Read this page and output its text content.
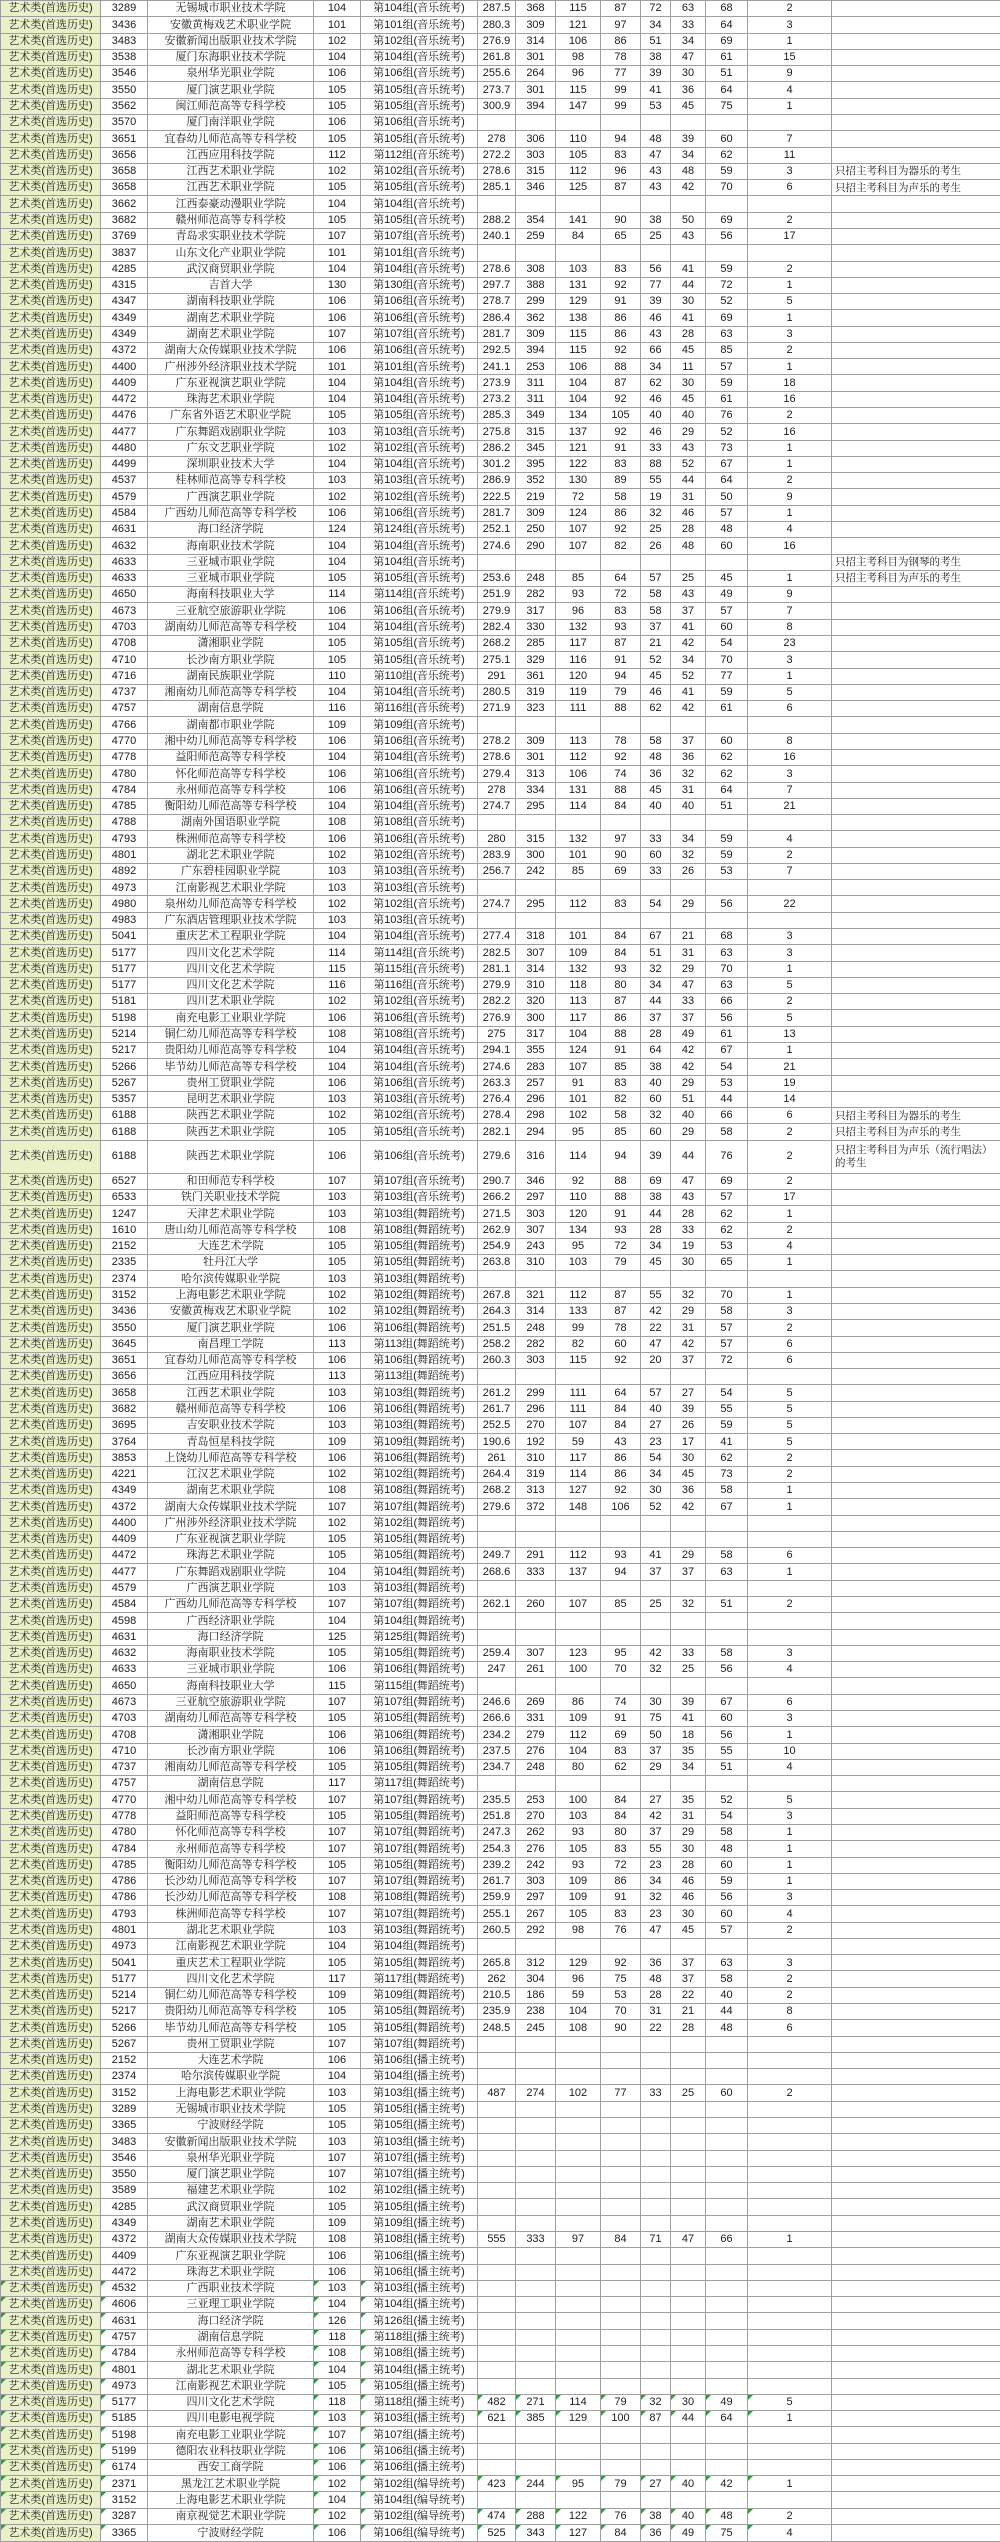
艺术类(首选历史)	3289	无锡城市职业技术学院	104	第104组(音乐统考)	287.5	368	115	87	72	63	68	2	
艺术类(首选历史)	3436	安徽黄梅戏艺术职业学院	101	第101组(音乐统考)	280.3	309	121	97	34	33	64	3	
艺术类(首选历史)	3483	安徽新闻出版职业技术学院	102	第102组(音乐统考)	276.9	314	106	86	51	34	69	1	
艺术类(首选历史)	3538	厦门东海职业技术学院	104	第104组(音乐统考)	261.8	301	98	78	38	47	61	15	
艺术类(首选历史)	3546	泉州华光职业学院	106	第106组(音乐统考)	255.6	264	96	77	39	30	51	9	
艺术类(首选历史)	3550	厦门演艺职业学院	105	第105组(音乐统考)	273.7	301	115	99	41	36	64	4	
艺术类(首选历史)	3562	闽江师范高等专科学校	105	第105组(音乐统考)	300.9	394	147	99	53	45	75	1	
艺术类(首选历史)	3570	厦门南洋职业学院	106	第106组(音乐统考)									
艺术类(首选历史)	3651	宜春幼儿师范高等专科学校	105	第105组(音乐统考)	278	306	110	94	48	39	60	7	
艺术类(首选历史)	3656	江西应用科技学院	112	第112组(音乐统考)	272.2	303	105	83	47	34	62	11	
艺术类(首选历史)	3658	江西艺术职业学院	102	第102组(音乐统考)	278.6	315	112	96	43	48	59	3	只招主考科目为器乐的考生
艺术类(首选历史)	3658	江西艺术职业学院	105	第105组(音乐统考)	285.1	346	125	87	43	42	70	6	只招主考科目为声乐的考生
艺术类(首选历史)	3662	江西泰豪动漫职业学院	104	第104组(音乐统考)									
艺术类(首选历史)	3682	赣州师范高等专科学校	105	第105组(音乐统考)	288.2	354	141	90	38	50	69	2	
艺术类(首选历史)	3769	青岛求实职业技术学院	107	第107组(音乐统考)	240.1	259	84	65	25	43	56	17	
艺术类(首选历史)	3837	山东文化产业职业学院	101	第101组(音乐统考)									
艺术类(首选历史)	4285	武汉商贸职业学院	104	第104组(音乐统考)	278.6	308	103	83	56	41	59	2	
艺术类(首选历史)	4315	吉首大学	130	第130组(音乐统考)	297.7	388	131	92	77	44	72	1	
艺术类(首选历史)	4347	湖南科技职业学院	106	第106组(音乐统考)	278.7	299	129	91	39	30	52	5	
艺术类(首选历史)	4349	湖南艺术职业学院	106	第106组(音乐统考)	286.4	362	138	86	46	41	69	1	
艺术类(首选历史)	4349	湖南艺术职业学院	107	第107组(音乐统考)	281.7	309	115	86	43	28	63	3	
艺术类(首选历史)	4372	湖南大众传媒职业技术学院	106	第106组(音乐统考)	292.5	394	115	92	66	45	85	2	
艺术类(首选历史)	4400	广州涉外经济职业技术学院	101	第101组(音乐统考)	241.1	253	106	88	34	11	57	1	
艺术类(首选历史)	4409	广东亚视演艺职业学院	104	第104组(音乐统考)	273.9	311	104	87	62	30	59	18	
艺术类(首选历史)	4472	珠海艺术职业学院	104	第104组(音乐统考)	273.2	311	104	92	46	45	61	16	
艺术类(首选历史)	4476	广东省外语艺术职业学院	105	第105组(音乐统考)	285.3	349	134	105	40	40	76	2	
艺术类(首选历史)	4477	广东舞蹈戏剧职业学院	103	第103组(音乐统考)	275.8	315	137	92	46	29	52	16	
艺术类(首选历史)	4480	广东文艺职业学院	102	第102组(音乐统考)	286.2	345	121	91	33	43	73	1	
艺术类(首选历史)	4499	深圳职业技术大学	104	第104组(音乐统考)	301.2	395	122	83	88	52	67	1	
艺术类(首选历史)	4537	桂林师范高等专科学校	103	第103组(音乐统考)	286.9	352	130	89	55	44	64	2	
艺术类(首选历史)	4579	广西演艺职业学院	102	第102组(音乐统考)	222.5	219	72	58	19	31	50	9	
艺术类(首选历史)	4584	广西幼儿师范高等专科学校	106	第106组(音乐统考)	281.7	309	124	86	32	46	57	1	
艺术类(首选历史)	4631	海口经济学院	124	第124组(音乐统考)	252.1	250	107	92	25	28	48	4	
艺术类(首选历史)	4632	海南职业技术学院	104	第104组(音乐统考)	274.6	290	107	82	26	48	60	16	
艺术类(首选历史)	4633	三亚城市职业学院	104	第104组(音乐统考)									只招主考科目为钢琴的考生
艺术类(首选历史)	4633	三亚城市职业学院	105	第105组(音乐统考)	253.6	248	85	64	57	25	45	1	只招主考科目为声乐的考生
艺术类(首选历史)	4650	海南科技职业大学	114	第114组(音乐统考)	251.9	282	93	72	58	43	49	9	
艺术类(首选历史)	4673	三亚航空旅游职业学院	106	第106组(音乐统考)	279.9	317	96	83	58	37	57	7	
艺术类(首选历史)	4703	湖南幼儿师范高等专科学校	104	第104组(音乐统考)	282.4	330	132	93	37	41	60	8	
艺术类(首选历史)	4708	潇湘职业学院	105	第105组(音乐统考)	268.2	285	117	87	21	42	54	23	
艺术类(首选历史)	4710	长沙南方职业学院	105	第105组(音乐统考)	275.1	329	116	91	52	34	70	3	
艺术类(首选历史)	4716	湖南民族职业学院	110	第110组(音乐统考)	291	361	120	94	45	52	77	1	
艺术类(首选历史)	4737	湘南幼儿师范高等专科学校	104	第104组(音乐统考)	280.5	319	119	79	46	41	59	5	
艺术类(首选历史)	4757	湖南信息学院	116	第116组(音乐统考)	271.9	323	111	88	62	42	61	6	
艺术类(首选历史)	4766	湖南都市职业学院	109	第109组(音乐统考)									
艺术类(首选历史)	4770	湘中幼儿师范高等专科学校	106	第106组(音乐统考)	278.2	309	113	78	58	37	60	8	
艺术类(首选历史)	4778	益阳师范高等专科学校	104	第104组(音乐统考)	278.6	301	112	92	48	36	62	16	
艺术类(首选历史)	4780	怀化师范高等专科学校	106	第106组(音乐统考)	279.4	313	106	74	36	32	62	3	
艺术类(首选历史)	4784	永州师范高等专科学校	106	第106组(音乐统考)	278	334	131	88	45	31	64	7	
艺术类(首选历史)	4785	衡阳幼儿师范高等专科学校	104	第104组(音乐统考)	274.7	295	114	84	40	40	51	21	
艺术类(首选历史)	4788	湖南外国语职业学院	108	第108组(音乐统考)									
艺术类(首选历史)	4793	株洲师范高等专科学校	106	第106组(音乐统考)	280	315	132	97	33	34	59	4	
艺术类(首选历史)	4801	湖北艺术职业学院	102	第102组(音乐统考)	283.9	300	101	90	60	32	59	2	
艺术类(首选历史)	4892	广东碧桂园职业学院	103	第103组(音乐统考)	256.7	242	85	69	33	26	53	7	
艺术类(首选历史)	4973	江南影视艺术职业学院	103	第103组(音乐统考)									
艺术类(首选历史)	4980	泉州幼儿师范高等专科学校	102	第102组(音乐统考)	274.7	295	112	83	54	29	56	22	
艺术类(首选历史)	4983	广东酒店管理职业技术学院	103	第103组(音乐统考)									
艺术类(首选历史)	5041	重庆艺术工程职业学院	104	第104组(音乐统考)	277.4	318	101	84	67	21	68	3	
艺术类(首选历史)	5177	四川文化艺术学院	114	第114组(音乐统考)	282.5	307	109	84	51	31	63	3	
艺术类(首选历史)	5177	四川文化艺术学院	115	第115组(音乐统考)	281.1	314	132	93	32	29	70	1	
艺术类(首选历史)	5177	四川文化艺术学院	116	第116组(音乐统考)	279.9	310	118	80	34	47	63	5	
艺术类(首选历史)	5181	四川艺术职业学院	102	第102组(音乐统考)	282.2	320	113	87	44	33	66	2	
艺术类(首选历史)	5198	南充电影工业职业学院	106	第106组(音乐统考)	276.9	300	117	86	37	37	56	5	
艺术类(首选历史)	5214	铜仁幼儿师范高等专科学校	108	第108组(音乐统考)	275	317	104	88	28	49	61	13	
艺术类(首选历史)	5217	贵阳幼儿师范高等专科学校	104	第104组(音乐统考)	294.1	355	124	91	64	42	67	1	
艺术类(首选历史)	5266	毕节幼儿师范高等专科学校	104	第104组(音乐统考)	274.6	283	107	85	38	42	54	21	
艺术类(首选历史)	5267	贵州工贸职业学院	106	第106组(音乐统考)	263.3	257	91	83	40	29	53	19	
艺术类(首选历史)	5357	昆明艺术职业学院	103	第103组(音乐统考)	276.4	296	101	82	60	51	44	14	
艺术类(首选历史)	6188	陕西艺术职业学院	102	第102组(音乐统考)	278.4	298	102	58	32	40	66	6	只招主考科目为器乐的考生
艺术类(首选历史)	6188	陕西艺术职业学院	105	第105组(音乐统考)	282.1	294	95	85	60	29	58	2	只招主考科目为声乐的考生
艺术类(首选历史)	6188	陕西艺术职业学院	106	第106组(音乐统考)	279.6	316	114	94	39	44	76	2	只招主考科目为声乐（流行唱法）的考生
艺术类(首选历史)	6527	和田师范专科学校	107	第107组(音乐统考)	290.7	346	92	88	69	47	69	2	
艺术类(首选历史)	6533	铁门关职业技术学院	103	第103组(音乐统考)	266.2	297	110	88	38	43	57	17	
艺术类(首选历史)	1247	天津艺术职业学院	103	第103组(舞蹈统考)	271.5	303	120	91	44	28	62	1	
艺术类(首选历史)	1610	唐山幼儿师范高等专科学校	108	第108组(舞蹈统考)	262.9	307	134	93	28	33	62	2	
艺术类(首选历史)	2152	大连艺术学院	105	第105组(舞蹈统考)	254.9	243	95	72	34	19	53	4	
艺术类(首选历史)	2335	牡丹江大学	105	第105组(舞蹈统考)	263.8	310	103	79	45	30	65	1	
艺术类(首选历史)	2374	哈尔滨传媒职业学院	103	第103组(舞蹈统考)									
艺术类(首选历史)	3152	上海电影艺术职业学院	102	第102组(舞蹈统考)	267.8	321	112	87	55	32	70	1	
艺术类(首选历史)	3436	安徽黄梅戏艺术职业学院	102	第102组(舞蹈统考)	264.3	314	133	87	42	29	58	3	
艺术类(首选历史)	3550	厦门演艺职业学院	106	第106组(舞蹈统考)	251.5	248	99	78	22	31	57	2	
艺术类(首选历史)	3645	南昌理工学院	113	第113组(舞蹈统考)	258.2	282	82	60	47	42	57	6	
艺术类(首选历史)	3651	宜春幼儿师范高等专科学校	106	第106组(舞蹈统考)	260.3	303	115	92	20	37	72	6	
艺术类(首选历史)	3656	江西应用科技学院	113	第113组(舞蹈统考)									
艺术类(首选历史)	3658	江西艺术职业学院	103	第103组(舞蹈统考)	261.2	299	111	64	57	27	54	5	
艺术类(首选历史)	3682	赣州师范高等专科学校	106	第106组(舞蹈统考)	261.7	296	111	84	40	39	55	5	
艺术类(首选历史)	3695	吉安职业技术学院	103	第103组(舞蹈统考)	252.5	270	107	84	27	26	59	5	
艺术类(首选历史)	3764	青岛恒星科技学院	109	第109组(舞蹈统考)	190.6	192	59	43	23	17	41	5	
艺术类(首选历史)	3853	上饶幼儿师范高等专科学校	106	第106组(舞蹈统考)	261	310	117	86	54	30	62	2	
艺术类(首选历史)	4221	江汉艺术职业学院	102	第102组(舞蹈统考)	264.4	319	114	86	34	45	73	2	
艺术类(首选历史)	4349	湖南艺术职业学院	108	第108组(舞蹈统考)	268.2	313	127	92	30	36	58	1	
艺术类(首选历史)	4372	湖南大众传媒职业技术学院	107	第107组(舞蹈统考)	279.6	372	148	106	52	42	67	1	
艺术类(首选历史)	4400	广州涉外经济职业技术学院	102	第102组(舞蹈统考)									
艺术类(首选历史)	4409	广东亚视演艺职业学院	105	第105组(舞蹈统考)									
艺术类(首选历史)	4472	珠海艺术职业学院	105	第105组(舞蹈统考)	249.7	291	112	93	41	29	58	6	
艺术类(首选历史)	4477	广东舞蹈戏剧职业学院	104	第104组(舞蹈统考)	268.6	333	137	94	37	37	63	1	
艺术类(首选历史)	4579	广西演艺职业学院	103	第103组(舞蹈统考)									
艺术类(首选历史)	4584	广西幼儿师范高等专科学校	107	第107组(舞蹈统考)	262.1	260	107	85	25	32	51	2	
艺术类(首选历史)	4598	广西经济职业学院	104	第104组(舞蹈统考)									
艺术类(首选历史)	4631	海口经济学院	125	第125组(舞蹈统考)									
艺术类(首选历史)	4632	海南职业技术学院	105	第105组(舞蹈统考)	259.4	307	123	95	42	33	58	3	
艺术类(首选历史)	4633	三亚城市职业学院	106	第106组(舞蹈统考)	247	261	100	70	32	25	56	4	
艺术类(首选历史)	4650	海南科技职业大学	115	第115组(舞蹈统考)									
艺术类(首选历史)	4673	三亚航空旅游职业学院	107	第107组(舞蹈统考)	246.6	269	86	74	30	39	67	6	
艺术类(首选历史)	4703	湖南幼儿师范高等专科学校	105	第105组(舞蹈统考)	266.6	331	109	91	75	41	60	3	
艺术类(首选历史)	4708	潇湘职业学院	106	第106组(舞蹈统考)	234.2	279	112	69	50	18	56	1	
艺术类(首选历史)	4710	长沙南方职业学院	106	第106组(舞蹈统考)	237.5	276	104	83	37	35	55	10	
艺术类(首选历史)	4737	湘南幼儿师范高等专科学校	105	第105组(舞蹈统考)	234.7	248	80	62	29	34	51	4	
艺术类(首选历史)	4757	湖南信息学院	117	第117组(舞蹈统考)									
艺术类(首选历史)	4770	湘中幼儿师范高等专科学校	107	第107组(舞蹈统考)	235.5	253	100	84	27	35	52	5	
艺术类(首选历史)	4778	益阳师范高等专科学校	105	第105组(舞蹈统考)	251.8	270	103	84	42	31	54	3	
艺术类(首选历史)	4780	怀化师范高等专科学校	107	第107组(舞蹈统考)	247.3	262	93	80	37	29	58	1	
艺术类(首选历史)	4784	永州师范高等专科学校	107	第107组(舞蹈统考)	254.3	276	105	83	55	30	48	1	
艺术类(首选历史)	4785	衡阳幼儿师范高等专科学校	105	第105组(舞蹈统考)	239.2	242	93	72	23	28	60	1	
艺术类(首选历史)	4786	长沙幼儿师范高等专科学校	107	第107组(舞蹈统考)	261.7	303	109	86	34	46	59	1	
艺术类(首选历史)	4786	长沙幼儿师范高等专科学校	108	第108组(舞蹈统考)	259.9	297	109	91	32	46	56	3	
艺术类(首选历史)	4793	株洲师范高等专科学校	107	第107组(舞蹈统考)	255.1	267	105	83	23	30	60	4	
艺术类(首选历史)	4801	湖北艺术职业学院	103	第103组(舞蹈统考)	260.5	292	98	76	47	45	57	2	
艺术类(首选历史)	4973	江南影视艺术职业学院	104	第104组(舞蹈统考)									
艺术类(首选历史)	5041	重庆艺术工程职业学院	105	第105组(舞蹈统考)	265.8	312	129	92	36	37	63	3	
艺术类(首选历史)	5177	四川文化艺术学院	117	第117组(舞蹈统考)	262	304	96	75	48	37	58	2	
艺术类(首选历史)	5214	铜仁幼儿师范高等专科学校	109	第109组(舞蹈统考)	210.5	186	59	53	28	22	40	2	
艺术类(首选历史)	5217	贵阳幼儿师范高等专科学校	105	第105组(舞蹈统考)	235.9	238	104	70	31	21	44	8	
艺术类(首选历史)	5266	毕节幼儿师范高等专科学校	105	第105组(舞蹈统考)	248.5	245	108	90	22	28	48	6	
艺术类(首选历史)	5267	贵州工贸职业学院	107	第107组(舞蹈统考)									
艺术类(首选历史)	2152	大连艺术学院	106	第106组(播主统考)									
艺术类(首选历史)	2374	哈尔滨传媒职业学院	104	第104组(播主统考)									
艺术类(首选历史)	3152	上海电影艺术职业学院	103	第103组(播主统考)	487	274	102	77	33	25	60	2	
艺术类(首选历史)	3289	无锡城市职业技术学院	105	第105组(播主统考)									
艺术类(首选历史)	3365	宁波财经学院	105	第105组(播主统考)									
艺术类(首选历史)	3483	安徽新闻出版职业技术学院	103	第103组(播主统考)									
艺术类(首选历史)	3546	泉州华光职业学院	107	第107组(播主统考)									
艺术类(首选历史)	3550	厦门演艺职业学院	107	第107组(播主统考)									
艺术类(首选历史)	3589	福建艺术职业学院	102	第102组(播主统考)									
艺术类(首选历史)	4285	武汉商贸职业学院	105	第105组(播主统考)									
艺术类(首选历史)	4349	湖南艺术职业学院	109	第109组(播主统考)									
艺术类(首选历史)	4372	湖南大众传媒职业技术学院	108	第108组(播主统考)	555	333	97	84	71	47	66	1	
艺术类(首选历史)	4409	广东亚视演艺职业学院	106	第106组(播主统考)									
艺术类(首选历史)	4472	珠海艺术职业学院	106	第106组(播主统考)									
艺术类(首选历史)	4532	广西职业技术学院	103	第103组(播主统考)									
艺术类(首选历史)	4606	三亚理工职业学院	104	第104组(播主统考)									
艺术类(首选历史)	4631	海口经济学院	126	第126组(播主统考)									
艺术类(首选历史)	4757	湖南信息学院	118	第118组(播主统考)									
艺术类(首选历史)	4784	永州师范高等专科学校	108	第108组(播主统考)									
艺术类(首选历史)	4801	湖北艺术职业学院	104	第104组(播主统考)									
艺术类(首选历史)	4973	江南影视艺术职业学院	105	第105组(播主统考)									
艺术类(首选历史)	5177	四川文化艺术学院	118	第118组(播主统考)	482	271	114	79	32	30	49	5	
艺术类(首选历史)	5185	四川电影电视学院	103	第103组(播主统考)	621	385	129	100	87	44	64	1	
艺术类(首选历史)	5198	南充电影工业职业学院	107	第107组(播主统考)									
艺术类(首选历史)	5199	德阳农业科技职业学院	106	第106组(播主统考)									
艺术类(首选历史)	6174	西安工商学院	106	第106组(播主统考)									
艺术类(首选历史)	2371	黑龙江艺术职业学院	102	第102组(编导统考)	423	244	95	79	27	40	42	1	
艺术类(首选历史)	3152	上海电影艺术职业学院	104	第104组(编导统考)									
艺术类(首选历史)	3287	南京视觉艺术职业学院	102	第102组(编导统考)	474	288	122	76	38	40	48	2	
艺术类(首选历史)	3365	宁波财经学院	106	第106组(编导统考)	525	343	127	84	36	49	75	4	
